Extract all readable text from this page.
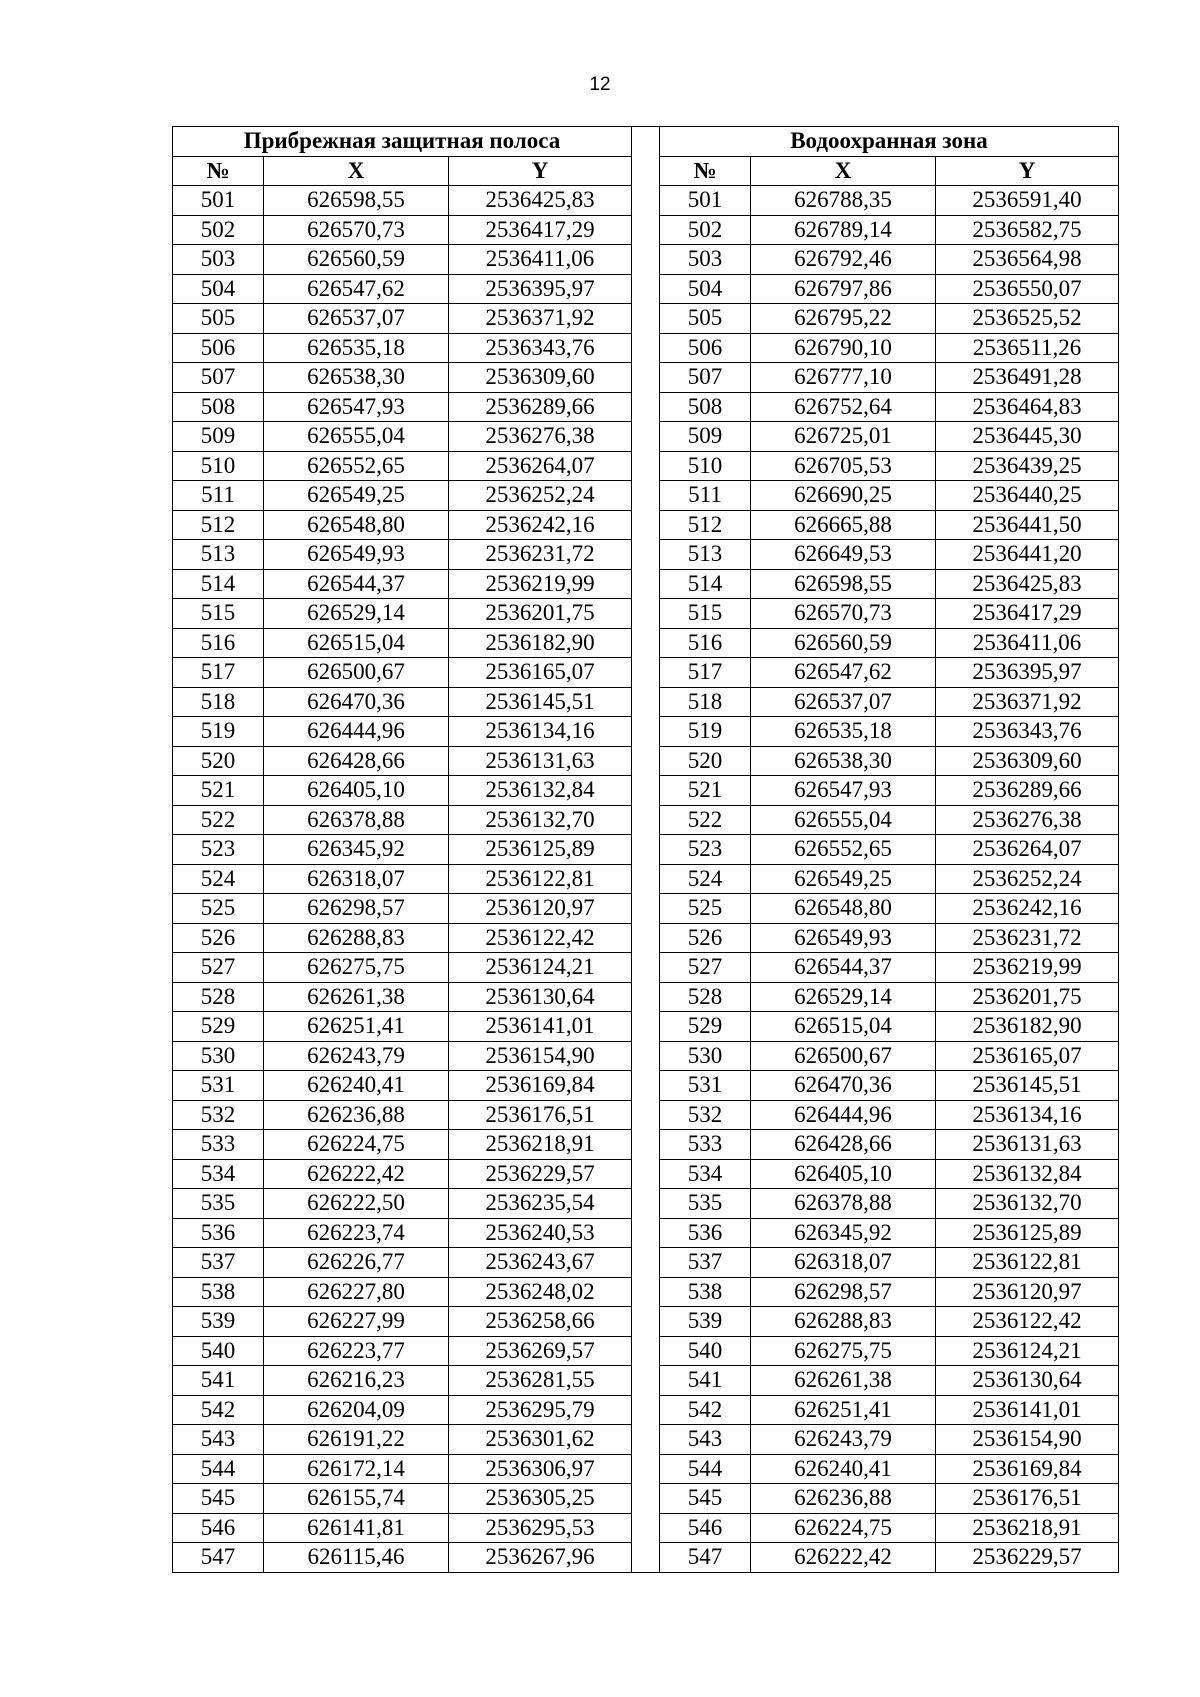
12
Прибрежная защитная полоса				Водоохранная зона		
№	X	Y		№	X	Y
501	626598,55	2536425,83		501	626788,35	2536591,40
502	626570,73	2536417,29		502	626789,14	2536582,75
503	626560,59	2536411,06		503	626792,46	2536564,98
504	626547,62	2536395,97		504	626797,86	2536550,07
505	626537,07	2536371,92		505	626795,22	2536525,52
506	626535,18	2536343,76		506	626790,10	2536511,26
507	626538,30	2536309,60		507	626777,10	2536491,28
508	626547,93	2536289,66		508	626752,64	2536464,83
509	626555,04	2536276,38		509	626725,01	2536445,30
510	626552,65	2536264,07		510	626705,53	2536439,25
511	626549,25	2536252,24		511	626690,25	2536440,25
512	626548,80	2536242,16		512	626665,88	2536441,50
513	626549,93	2536231,72		513	626649,53	2536441,20
514	626544,37	2536219,99		514	626598,55	2536425,83
515	626529,14	2536201,75		515	626570,73	2536417,29
516	626515,04	2536182,90		516	626560,59	2536411,06
517	626500,67	2536165,07		517	626547,62	2536395,97
518	626470,36	2536145,51		518	626537,07	2536371,92
519	626444,96	2536134,16		519	626535,18	2536343,76
520	626428,66	2536131,63		520	626538,30	2536309,60
521	626405,10	2536132,84		521	626547,93	2536289,66
522	626378,88	2536132,70		522	626555,04	2536276,38
523	626345,92	2536125,89		523	626552,65	2536264,07
524	626318,07	2536122,81		524	626549,25	2536252,24
525	626298,57	2536120,97		525	626548,80	2536242,16
526	626288,83	2536122,42		526	626549,93	2536231,72
527	626275,75	2536124,21		527	626544,37	2536219,99
528	626261,38	2536130,64		528	626529,14	2536201,75
529	626251,41	2536141,01		529	626515,04	2536182,90
530	626243,79	2536154,90		530	626500,67	2536165,07
531	626240,41	2536169,84		531	626470,36	2536145,51
532	626236,88	2536176,51		532	626444,96	2536134,16
533	626224,75	2536218,91		533	626428,66	2536131,63
534	626222,42	2536229,57		534	626405,10	2536132,84
535	626222,50	2536235,54		535	626378,88	2536132,70
536	626223,74	2536240,53		536	626345,92	2536125,89
537	626226,77	2536243,67		537	626318,07	2536122,81
538	626227,80	2536248,02		538	626298,57	2536120,97
539	626227,99	2536258,66		539	626288,83	2536122,42
540	626223,77	2536269,57		540	626275,75	2536124,21
541	626216,23	2536281,55		541	626261,38	2536130,64
542	626204,09	2536295,79		542	626251,41	2536141,01
543	626191,22	2536301,62		543	626243,79	2536154,90
544	626172,14	2536306,97		544	626240,41	2536169,84
545	626155,74	2536305,25		545	626236,88	2536176,51
546	626141,81	2536295,53		546	626224,75	2536218,91
547	626115,46	2536267,96		547	626222,42	2536229,57
